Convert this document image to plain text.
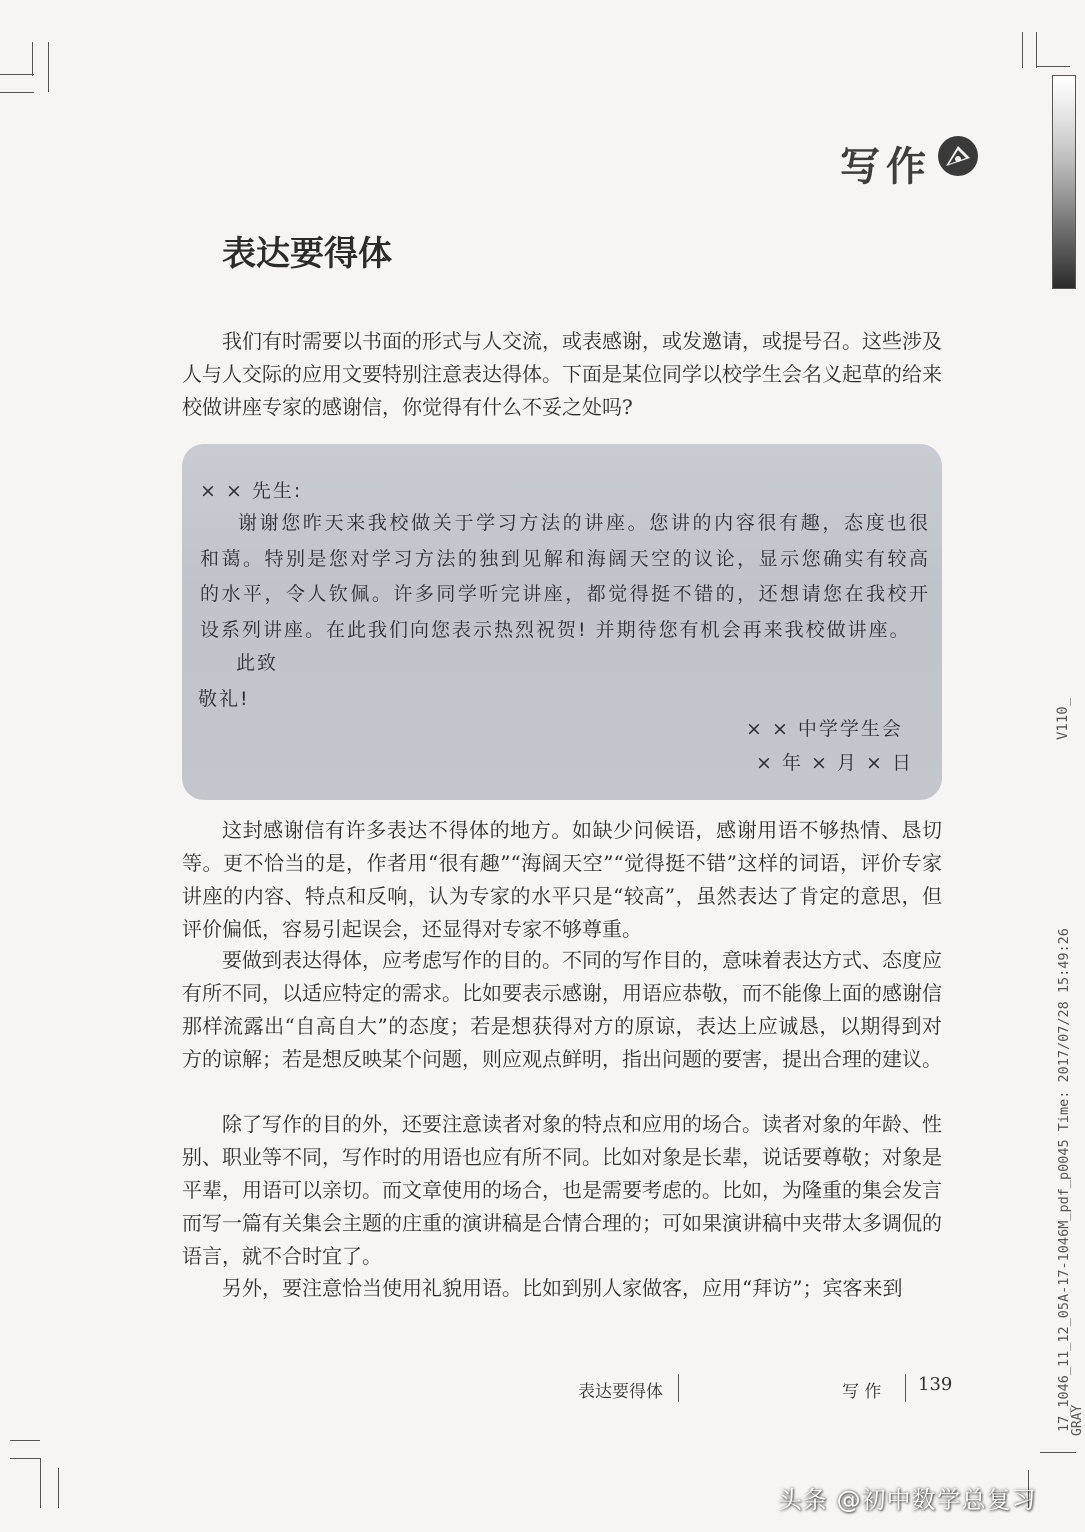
V110_
17_1046_11_12_05A-17-1046M_pdf_p0045 Time: 2017/07/28 15:49:26
GRAY
写作
表达要得体
我们有时需要以书面的形式与人交流，或表感谢，或发邀请，或提号召。这些涉及人与人交际的应用文要特别注意表达得体。下面是某位同学以校学生会名义起草的给来校做讲座专家的感谢信，你觉得有什么不妥之处吗?
× × 先生:
谢谢您昨天来我校做关于学习方法的讲座。您讲的内容很有趣，态度也很和蔼。特别是您对学习方法的独到见解和海阔天空的议论，显示您确实有较高的水平，令人钦佩。许多同学听完讲座，都觉得挺不错的，还想请您在我校开设系列讲座。在此我们向您表示热烈祝贺! 并期待您有机会再来我校做讲座。
此致
敬礼!
× × 中学学生会
× 年 × 月 × 日
这封感谢信有许多表达不得体的地方。如缺少问候语，感谢用语不够热情、恳切等。更不恰当的是，作者用“很有趣”“海阔天空”“觉得挺不错”这样的词语，评价专家讲座的内容、特点和反响，认为专家的水平只是“较高”，虽然表达了肯定的意思，但评价偏低，容易引起误会，还显得对专家不够尊重。
要做到表达得体，应考虑写作的目的。不同的写作目的，意味着表达方式、态度应有所不同，以适应特定的需求。比如要表示感谢，用语应恭敬，而不能像上面的感谢信那样流露出“自高自大”的态度；若是想获得对方的原谅，表达上应诚恳，以期得到对方的谅解；若是想反映某个问题，则应观点鲜明，指出问题的要害，提出合理的建议。
除了写作的目的外，还要注意读者对象的特点和应用的场合。读者对象的年龄、性别、职业等不同，写作时的用语也应有所不同。比如对象是长辈，说话要尊敬；对象是平辈，用语可以亲切。而文章使用的场合，也是需要考虑的。比如，为隆重的集会发言而写一篇有关集会主题的庄重的演讲稿是合情合理的；可如果演讲稿中夹带太多调侃的语言，就不合时宜了。
另外，要注意恰当使用礼貌用语。比如到别人家做客，应用“拜访”；宾客来到
表达要得体	写 作 139
头条 @初中数学总复习
